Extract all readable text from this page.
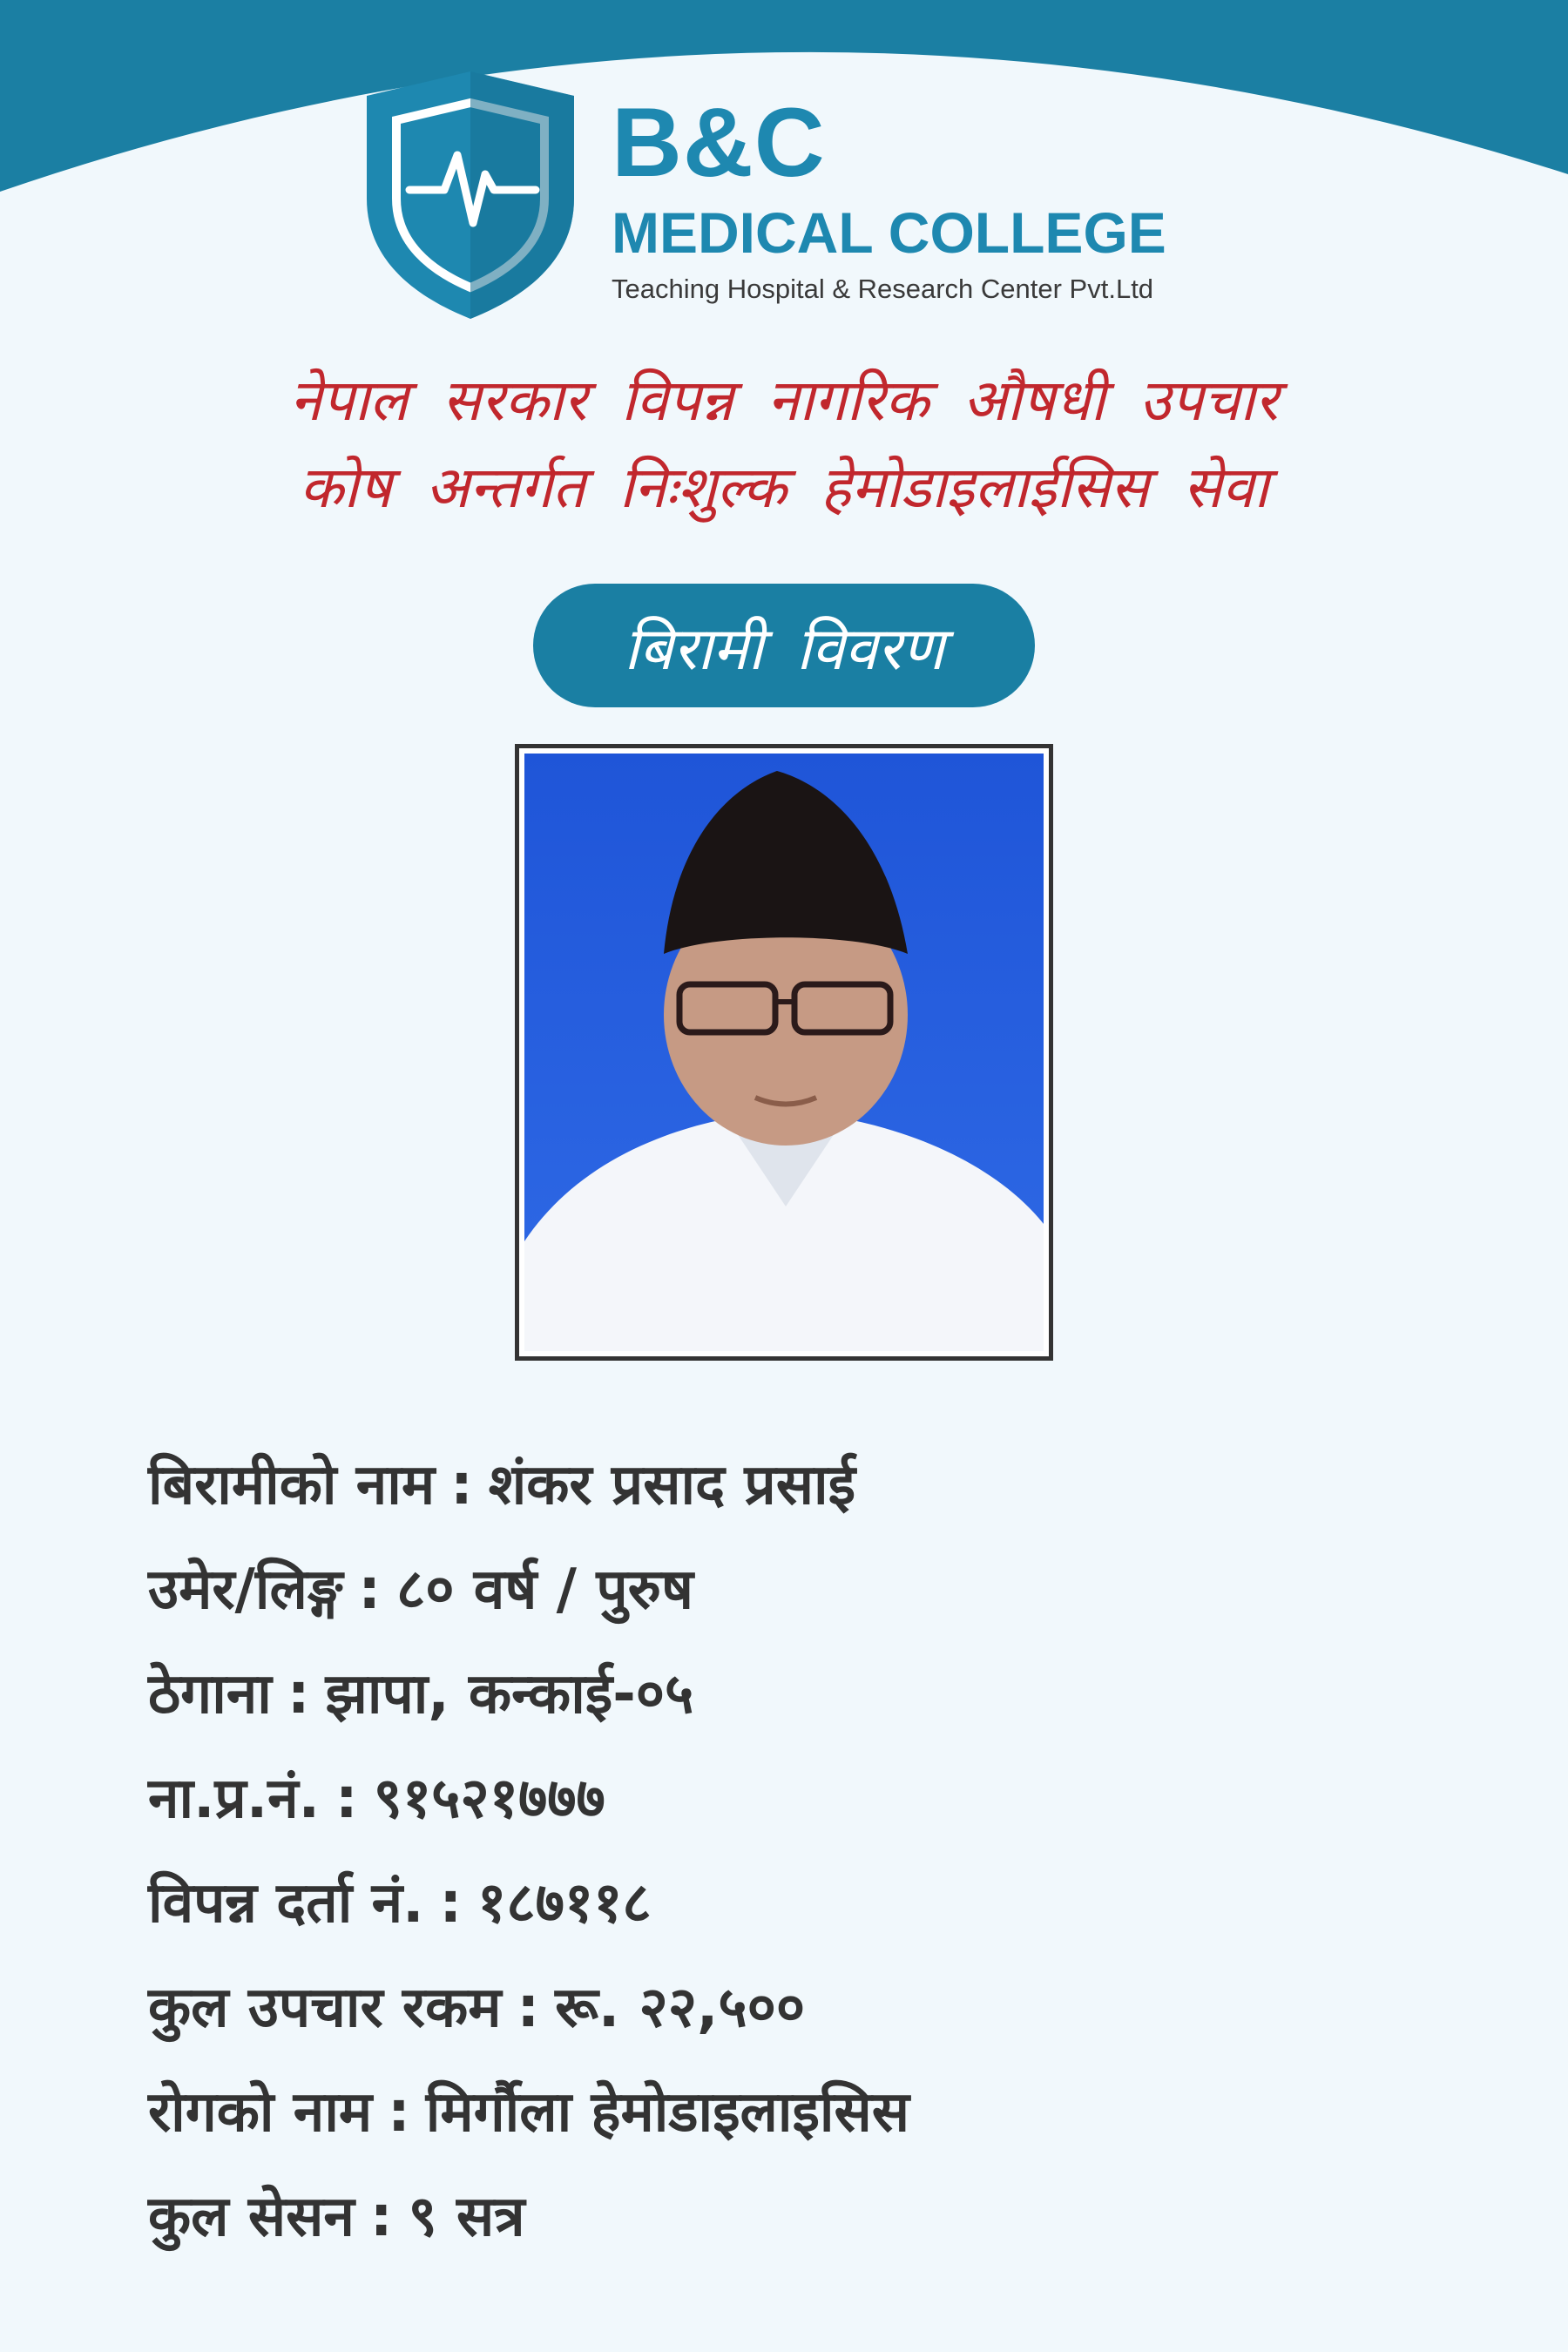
B&C
MEDICAL COLLEGE
Teaching Hospital & Research Center Pvt.Ltd
नेपाल सरकार विपन्न नागरिक औषधी उपचार
कोष अन्तर्गत निःशुल्क हेमोडाइलाईसिस सेवा
बिरामी विवरण
बिरामीको नाम : शंकर प्रसाद प्रसाई
उमेर/लिङ्ग : ८० वर्ष / पुरुष
ठेगाना : झापा, कन्काई-०५
ना.प्र.नं. : ९१५२१७७७
विपन्न दर्ता नं. : १८७११८
कुल उपचार रकम : रू. २२,५००
रोगको नाम : मिर्गौला हेमोडाइलाइसिस
कुल सेसन : ९ सत्र
